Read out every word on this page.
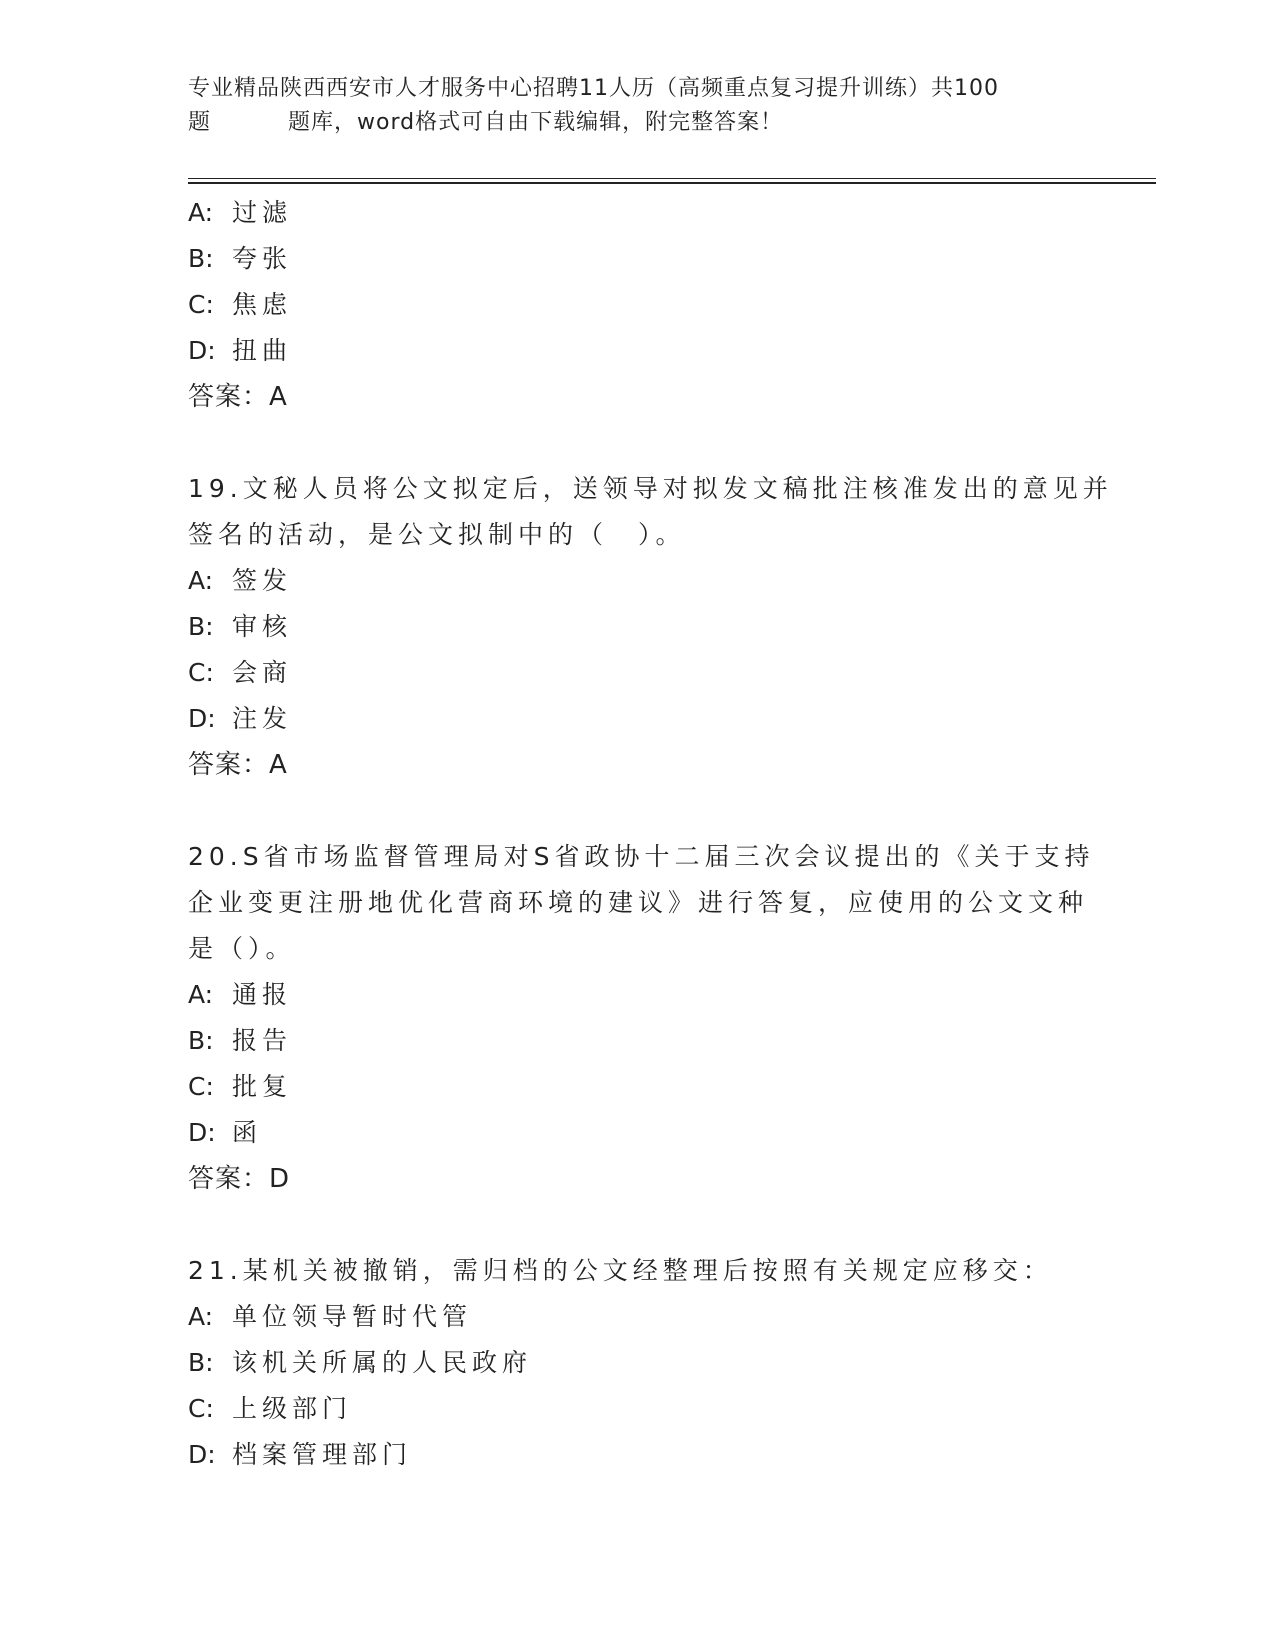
专业精品陕西西安市人才服务中心招聘11人历（高频重点复习提升训练）共100
题	题库，word格式可自由下载编辑，附完整答案！
A: 过滤
B: 夸张
C: 焦虑
D: 扭曲
答案：A
19.文秘人员将公文拟定后，送领导对拟发文稿批注核准发出的意见并
签名的活动，是公文拟制中的（　）。
A: 签发
B: 审核
C: 会商
D: 注发
答案：A
20.S省市场监督管理局对S省政协十二届三次会议提出的《关于支持
企业变更注册地优化营商环境的建议》进行答复，应使用的公文文种
是（）。
A: 通报
B: 报告
C: 批复
D: 函
答案：D
21.某机关被撤销，需归档的公文经整理后按照有关规定应移交：
A: 单位领导暂时代管
B: 该机关所属的人民政府
C: 上级部门
D: 档案管理部门
